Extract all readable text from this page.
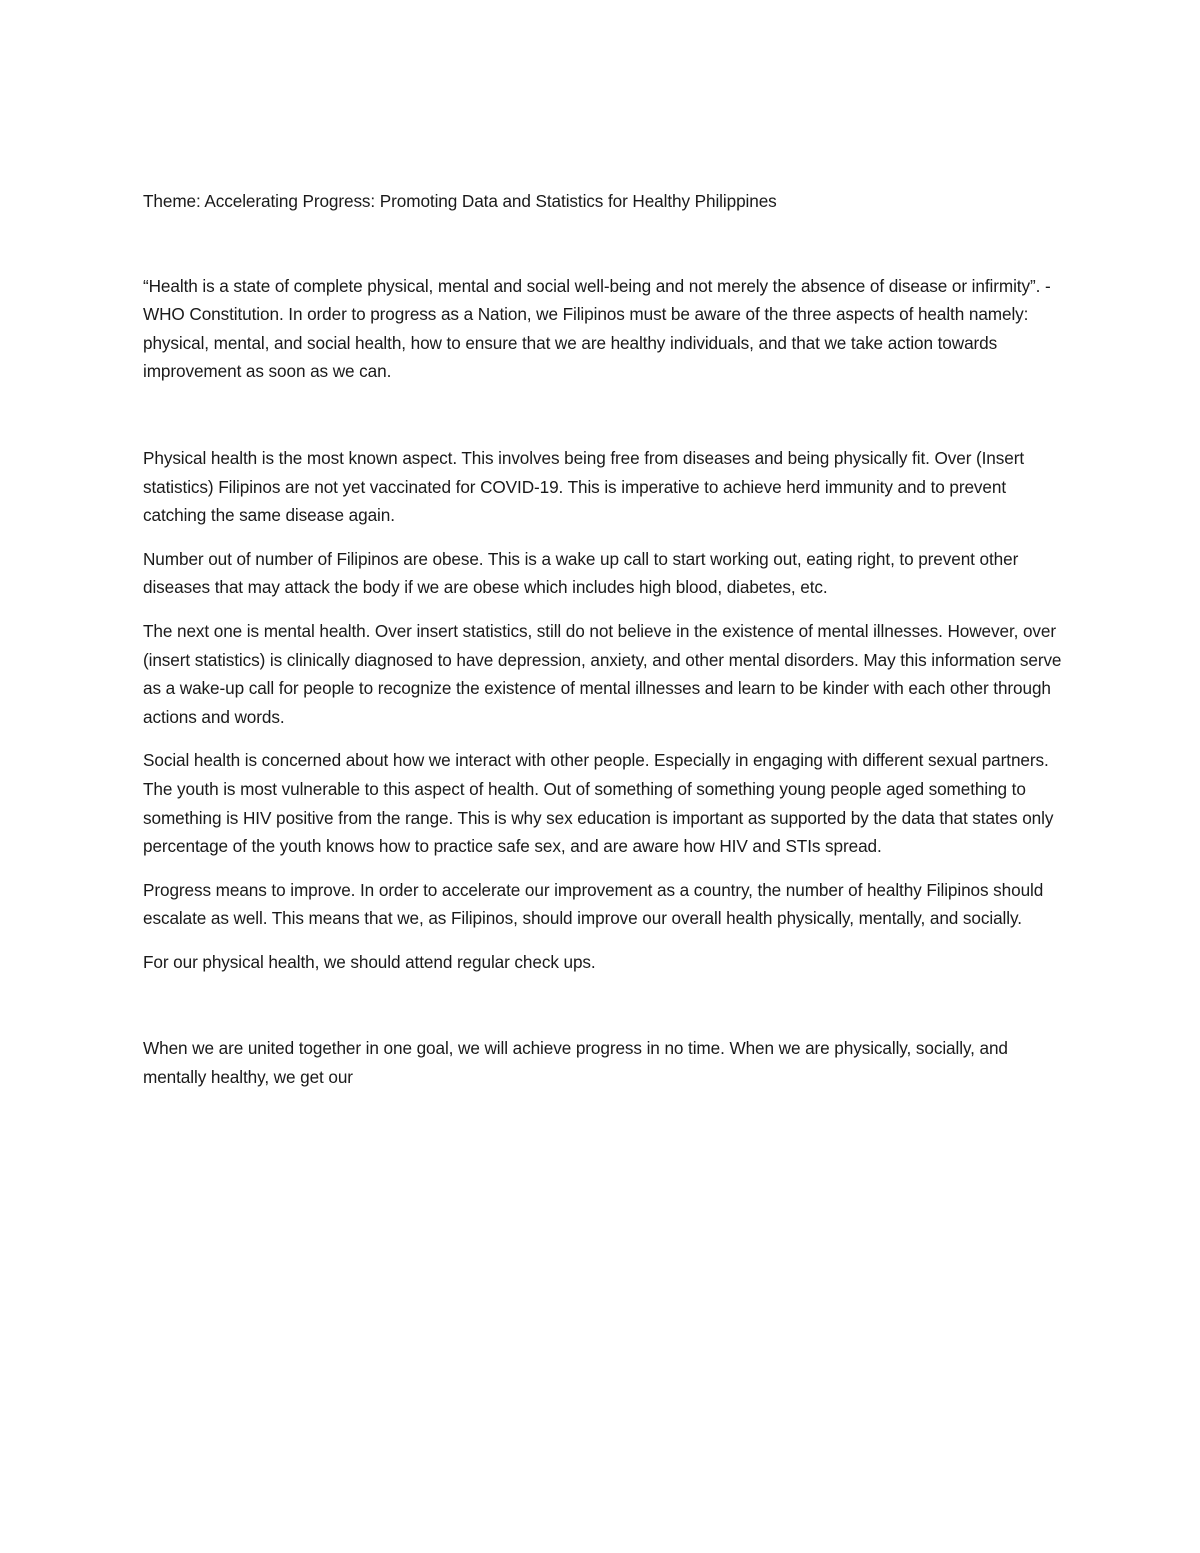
Theme: Accelerating Progress: Promoting Data and Statistics for Healthy Philippines

“Health is a state of complete physical, mental and social well-being and not merely the absence of disease or infirmity”. - WHO Constitution. In order to progress as a Nation, we Filipinos must be aware of the three aspects of health namely: physical, mental, and social health, how to ensure that we are healthy individuals, and that we take action towards improvement as soon as we can.

Physical health is the most known aspect. This involves being free from diseases and being physically fit. Over (Insert statistics) Filipinos are not yet vaccinated for COVID-19. This is imperative to achieve herd immunity and to prevent catching the same disease again.

Number out of number of Filipinos are obese. This is a wake up call to start working out, eating right, to prevent other diseases that may attack the body if we are obese which includes high blood, diabetes, etc.

The next one is mental health. Over insert statistics, still do not believe in the existence of mental illnesses. However, over (insert statistics) is clinically diagnosed to have depression, anxiety, and other mental disorders. May this information serve as a wake-up call for people to recognize the existence of mental illnesses and learn to be kinder with each other through actions and words.

Social health is concerned about how we interact with other people. Especially in engaging with different sexual partners. The youth is most vulnerable to this aspect of health. Out of something of something young people aged something to something is HIV positive from the range. This is why sex education is important as supported by the data that states only percentage of the youth knows how to practice safe sex, and are aware how HIV and STIs spread.

Progress means to improve. In order to accelerate our improvement as a country, the number of healthy Filipinos should escalate as well. This means that we, as Filipinos, should improve our overall health physically, mentally, and socially.

For our physical health, we should attend regular check ups.

When we are united together in one goal, we will achieve progress in no time. When we are physically, socially, and mentally healthy, we get our
